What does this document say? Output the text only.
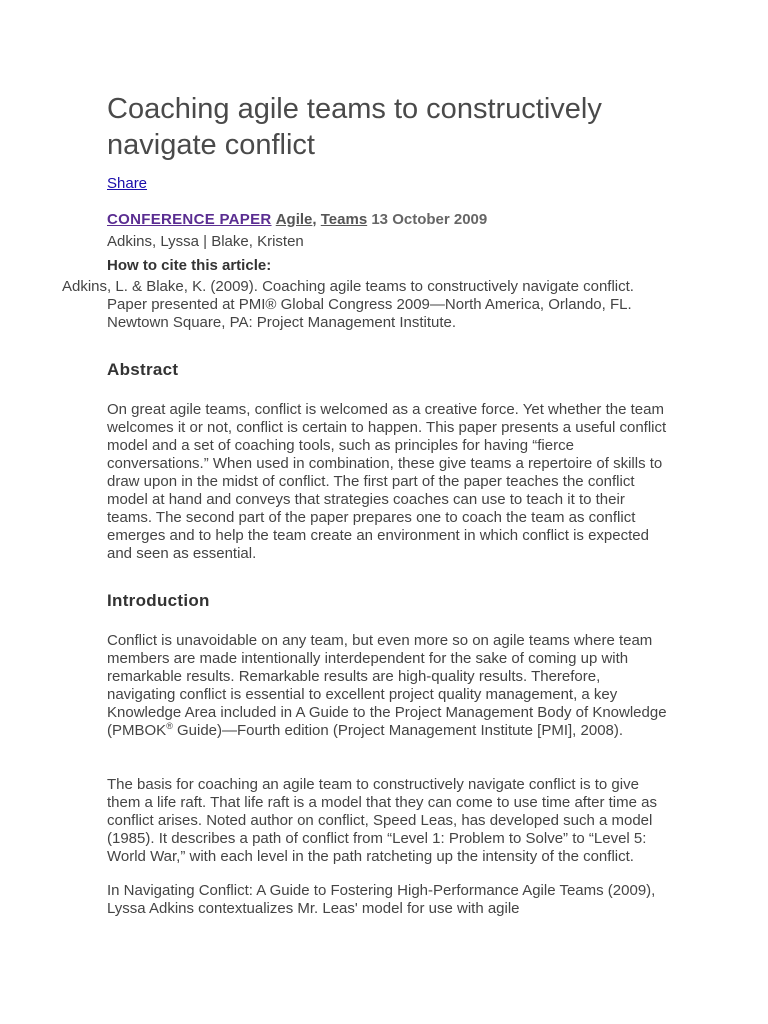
Coaching agile teams to constructively navigate conflict
Share
CONFERENCE PAPER Agile, Teams 13 October 2009
Adkins, Lyssa | Blake, Kristen
How to cite this article:
Adkins, L. & Blake, K. (2009). Coaching agile teams to constructively navigate conflict.
Paper presented at PMI® Global Congress 2009—North America, Orlando, FL.
Newtown Square, PA: Project Management Institute.
Abstract

On great agile teams, conflict is welcomed as a creative force. Yet whether the team welcomes it or not, conflict is certain to happen. This paper presents a useful conflict model and a set of coaching tools, such as principles for having “fierce conversations.” When used in combination, these give teams a repertoire of skills to draw upon in the midst of conflict. The first part of the paper teaches the conflict model at hand and conveys that strategies coaches can use to teach it to their teams. The second part of the paper prepares one to coach the team as conflict emerges and to help the team create an environment in which conflict is expected and seen as essential.

Introduction

Conflict is unavoidable on any team, but even more so on agile teams where team members are made intentionally interdependent for the sake of coming up with remarkable results. Remarkable results are high-quality results. Therefore, navigating conflict is essential to excellent project quality management, a key Knowledge Area included in A Guide to the Project Management Body of Knowledge (PMBOK® Guide)—Fourth edition (Project Management Institute [PMI], 2008).

The basis for coaching an agile team to constructively navigate conflict is to give them a life raft. That life raft is a model that they can come to use time after time as conflict arises. Noted author on conflict, Speed Leas, has developed such a model (1985). It describes a path of conflict from “Level 1: Problem to Solve” to “Level 5: World War,” with each level in the path ratcheting up the intensity of the conflict.

In Navigating Conflict: A Guide to Fostering High-Performance Agile Teams (2009), Lyssa Adkins contextualizes Mr. Leas' model for use with agile
